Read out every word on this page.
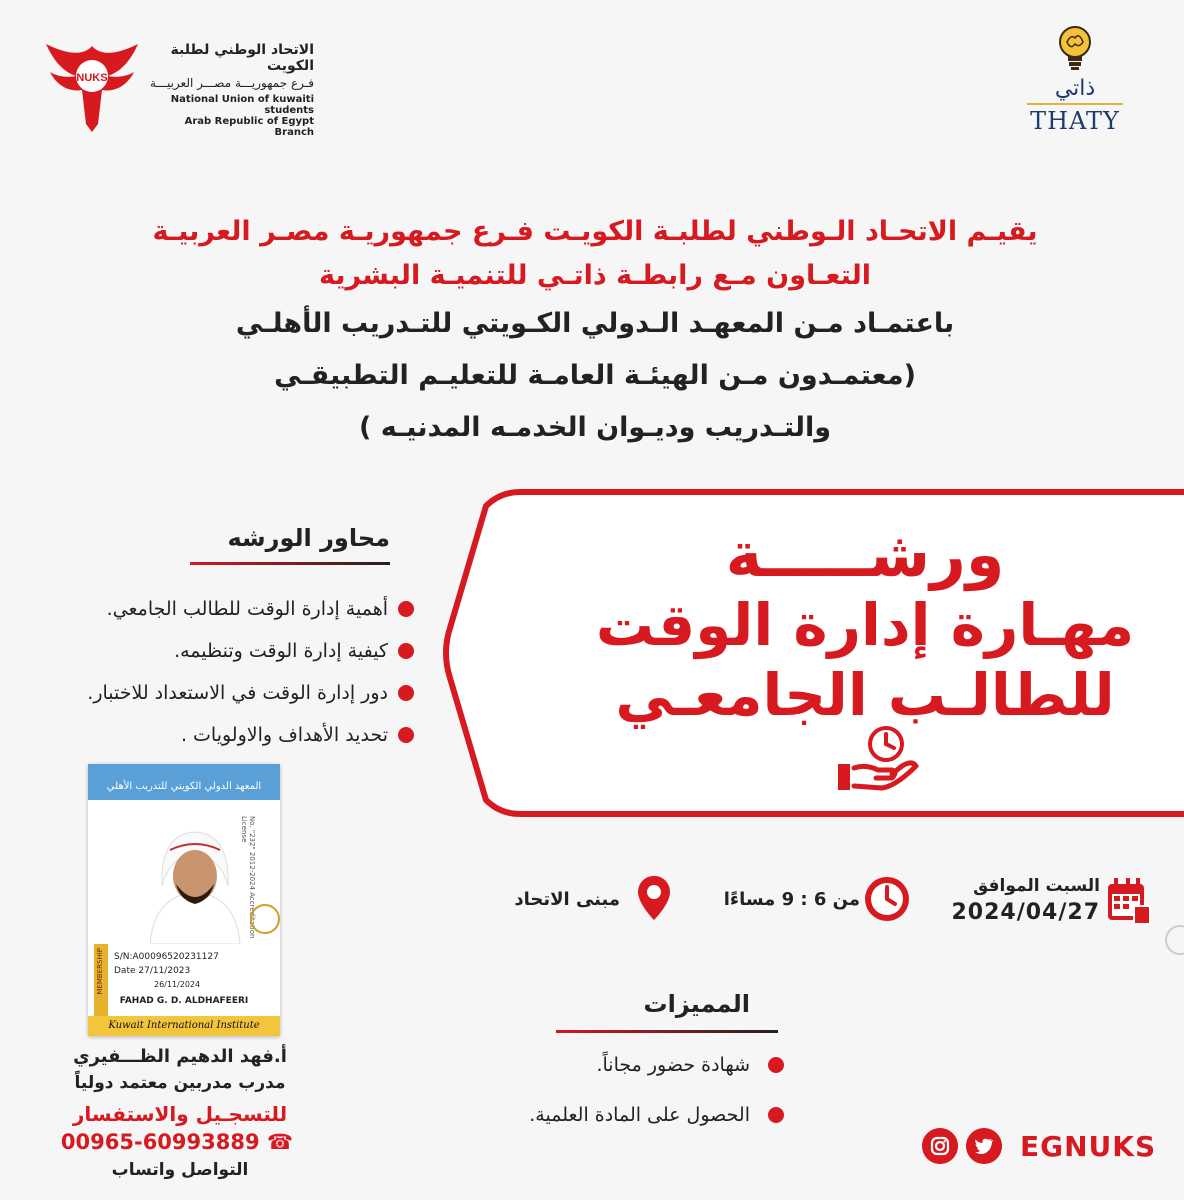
NUKS
الاتحاد الوطني لطلبة الكويت
فـرع جمهوريـــة مصـــر العربيـــة
National Union of kuwaiti students
Arab Republic of Egypt Branch
ذاتي
THATY
يقيـم الاتحـاد الـوطني لطلبـة الكويـت فـرع جمهوريـة مصـر العربيـة
التعـاون مـع رابطـة ذاتـي للتنميـة البشرية
باعتمـاد مـن المعهـد الـدولي الكـويتي للتـدريب الأهلـي
(معتمـدون مـن الهيئـة العامـة للتعليـم التطبيقـي
والتـدريب وديـوان الخدمـه المدنيـه )
ورشـــــة
مهـارة إدارة الوقت
للطالـب الجامعـي
محاور الورشه
أهمية إدارة الوقت للطالب الجامعي.
كيفية إدارة الوقت وتنظيمه.
دور إدارة الوقت في الاستعداد للاختبار.
تحديد الأهداف والاولويات .
المعهد الدولي الكويتي للتدريب الأهلي
No. "232" 2012-2024 Accreditation License
MEMBERSHIP S/N:A00096520231127
Date 27/11/2023
26/11/2024
FAHAD G. D. ALDHAFEERI
Kuwait International Institute
أ.فهد الدهيم الظـــفيري
مدرب مدربين معتمد دولياً
للتسجـيل والاستفسار
00965-60993889 ☎
التواصل واتساب
السبت الموافق
2024/04/27
من 6 : 9 مساءًا
مبنى الاتحاد
المميزات
شهادة حضور مجاناً.
الحصول على المادة العلمية.
EGNUKS
